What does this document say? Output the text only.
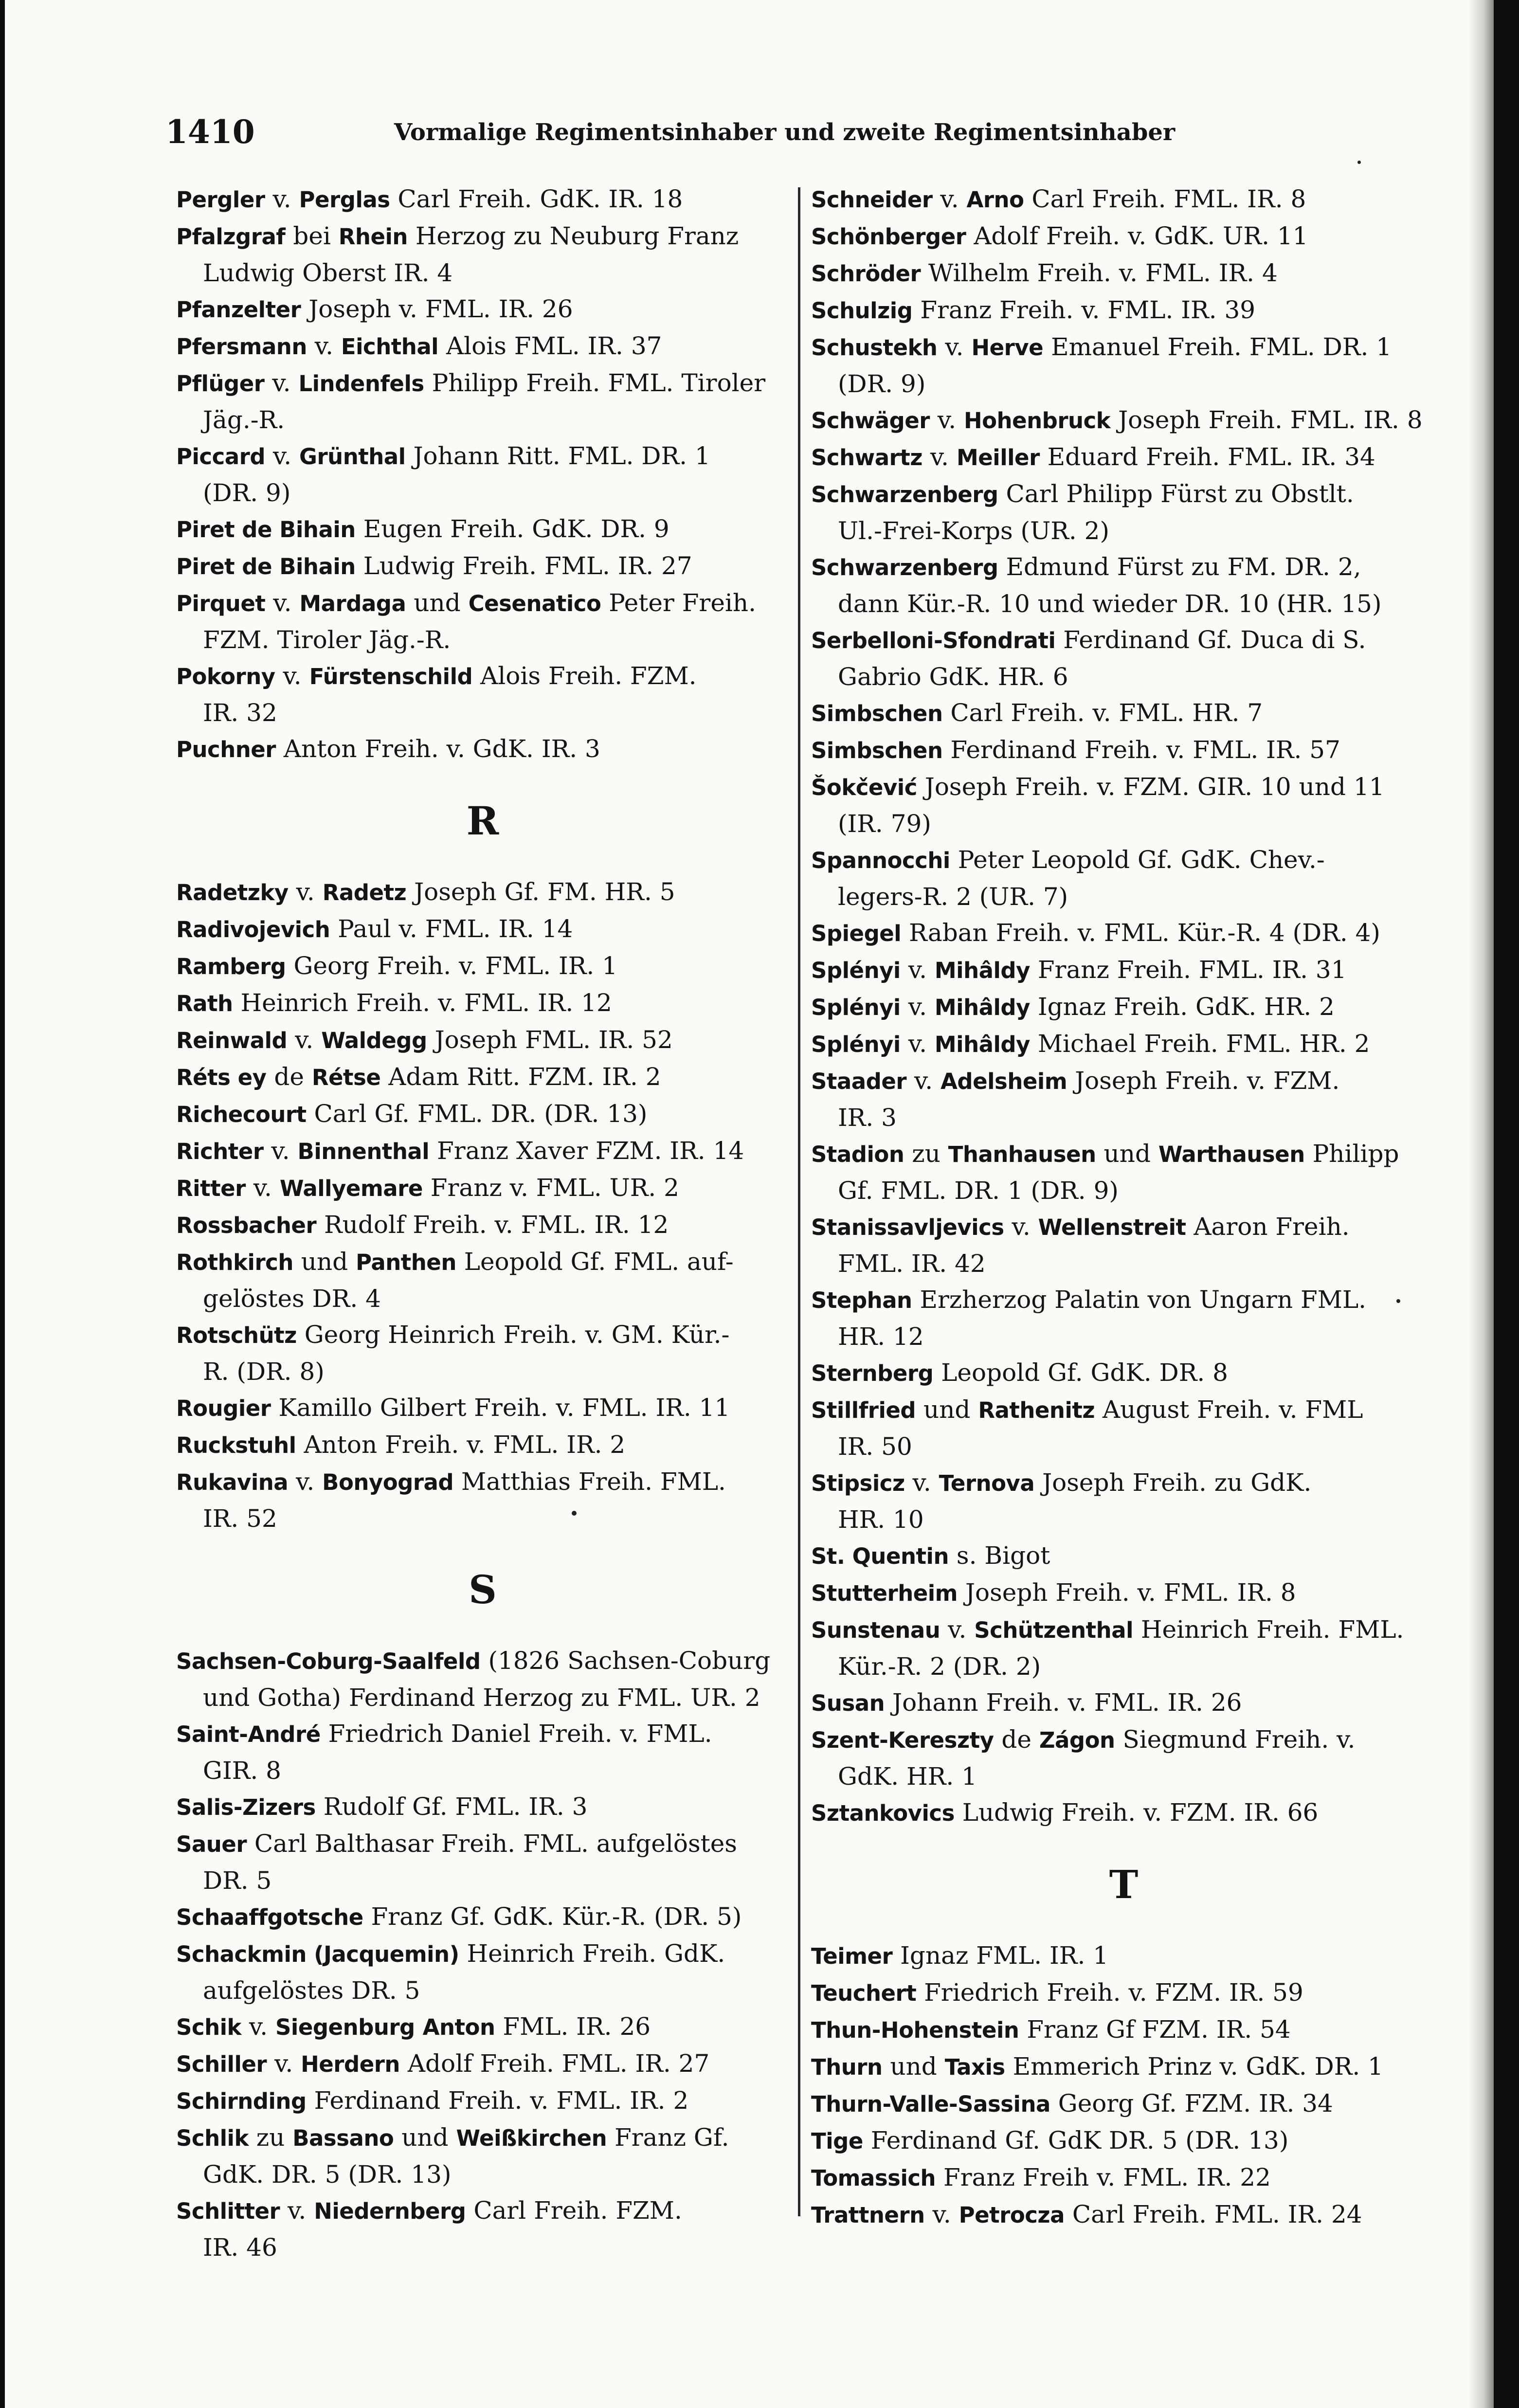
1410	Vormalige Regimentsinhaber und zweite Regimentsinhaber
Pergler v. Perglas Carl Freih. GdK. IR. 18
Pfalzgraf bei Rhein Herzog zu Neuburg Franz
Ludwig Oberst IR. 4
Pfanzelter Joseph v. FML. IR. 26
Pfersmann v. Eichthal Alois FML. IR. 37
Pflüger v. Lindenfels Philipp Freih. FML. Tiroler
Jäg.-R.
Piccard v. Grünthal Johann Ritt. FML. DR. 1
(DR. 9)
Piret de Bihain Eugen Freih. GdK. DR. 9
Piret de Bihain Ludwig Freih. FML. IR. 27
Pirquet v. Mardaga und Cesenatico Peter Freih.
FZM. Tiroler Jäg.-R.
Pokorny v. Fürstenschild Alois Freih. FZM.
IR. 32
Puchner Anton Freih. v. GdK. IR. 3
R
Radetzky v. Radetz Joseph Gf. FM. HR. 5
Radivojevich Paul v. FML. IR. 14
Ramberg Georg Freih. v. FML. IR. 1
Rath Heinrich Freih. v. FML. IR. 12
Reinwald v. Waldegg Joseph FML. IR. 52
Réts ey de Rétse Adam Ritt. FZM. IR. 2
Richecourt Carl Gf. FML. DR. (DR. 13)
Richter v. Binnenthal Franz Xaver FZM. IR. 14
Ritter v. Wallyemare Franz v. FML. UR. 2
Rossbacher Rudolf Freih. v. FML. IR. 12
Rothkirch und Panthen Leopold Gf. FML. auf-
gelöstes DR. 4
Rotschütz Georg Heinrich Freih. v. GM. Kür.-
R. (DR. 8)
Rougier Kamillo Gilbert Freih. v. FML. IR. 11
Ruckstuhl Anton Freih. v. FML. IR. 2
Rukavina v. Bonyograd Matthias Freih. FML.
IR. 52
S
Sachsen-Coburg-Saalfeld (1826 Sachsen-Coburg
und Gotha) Ferdinand Herzog zu FML. UR. 2
Saint-André Friedrich Daniel Freih. v. FML.
GIR. 8
Salis-Zizers Rudolf Gf. FML. IR. 3
Sauer Carl Balthasar Freih. FML. aufgelöstes
DR. 5
Schaaffgotsche Franz Gf. GdK. Kür.-R. (DR. 5)
Schackmin (Jacquemin) Heinrich Freih. GdK.
aufgelöstes DR. 5
Schik v. Siegenburg Anton FML. IR. 26
Schiller v. Herdern Adolf Freih. FML. IR. 27
Schirnding Ferdinand Freih. v. FML. IR. 2
Schlik zu Bassano und Weißkirchen Franz Gf.
GdK. DR. 5 (DR. 13)
Schlitter v. Niedernberg Carl Freih. FZM.
IR. 46
Schneider v. Arno Carl Freih. FML. IR. 8
Schönberger Adolf Freih. v. GdK. UR. 11
Schröder Wilhelm Freih. v. FML. IR. 4
Schulzig Franz Freih. v. FML. IR. 39
Schustekh v. Herve Emanuel Freih. FML. DR. 1
(DR. 9)
Schwäger v. Hohenbruck Joseph Freih. FML. IR. 8
Schwartz v. Meiller Eduard Freih. FML. IR. 34
Schwarzenberg Carl Philipp Fürst zu Obstlt.
Ul.-Frei-Korps (UR. 2)
Schwarzenberg Edmund Fürst zu FM. DR. 2,
dann Kür.-R. 10 und wieder DR. 10 (HR. 15)
Serbelloni-Sfondrati Ferdinand Gf. Duca di S.
Gabrio GdK. HR. 6
Simbschen Carl Freih. v. FML. HR. 7
Simbschen Ferdinand Freih. v. FML. IR. 57
Šokčević Joseph Freih. v. FZM. GIR. 10 und 11
(IR. 79)
Spannocchi Peter Leopold Gf. GdK. Chev.-
legers-R. 2 (UR. 7)
Spiegel Raban Freih. v. FML. Kür.-R. 4 (DR. 4)
Splényi v. Mihâldy Franz Freih. FML. IR. 31
Splényi v. Mihâldy Ignaz Freih. GdK. HR. 2
Splényi v. Mihâldy Michael Freih. FML. HR. 2
Staader v. Adelsheim Joseph Freih. v. FZM.
IR. 3
Stadion zu Thanhausen und Warthausen Philipp
Gf. FML. DR. 1 (DR. 9)
Stanissavljevics v. Wellenstreit Aaron Freih.
FML. IR. 42
Stephan Erzherzog Palatin von Ungarn FML.
HR. 12
Sternberg Leopold Gf. GdK. DR. 8
Stillfried und Rathenitz August Freih. v. FML
IR. 50
Stipsicz v. Ternova Joseph Freih. zu GdK.
HR. 10
St. Quentin s. Bigot
Stutterheim Joseph Freih. v. FML. IR. 8
Sunstenau v. Schützenthal Heinrich Freih. FML.
Kür.-R. 2 (DR. 2)
Susan Johann Freih. v. FML. IR. 26
Szent-Kereszty de Zágon Siegmund Freih. v.
GdK. HR. 1
Sztankovics Ludwig Freih. v. FZM. IR. 66
T
Teimer Ignaz FML. IR. 1
Teuchert Friedrich Freih. v. FZM. IR. 59
Thun-Hohenstein Franz Gf FZM. IR. 54
Thurn und Taxis Emmerich Prinz v. GdK. DR. 1
Thurn-Valle-Sassina Georg Gf. FZM. IR. 34
Tige Ferdinand Gf. GdK DR. 5 (DR. 13)
Tomassich Franz Freih v. FML. IR. 22
Trattnern v. Petrocza Carl Freih. FML. IR. 24
